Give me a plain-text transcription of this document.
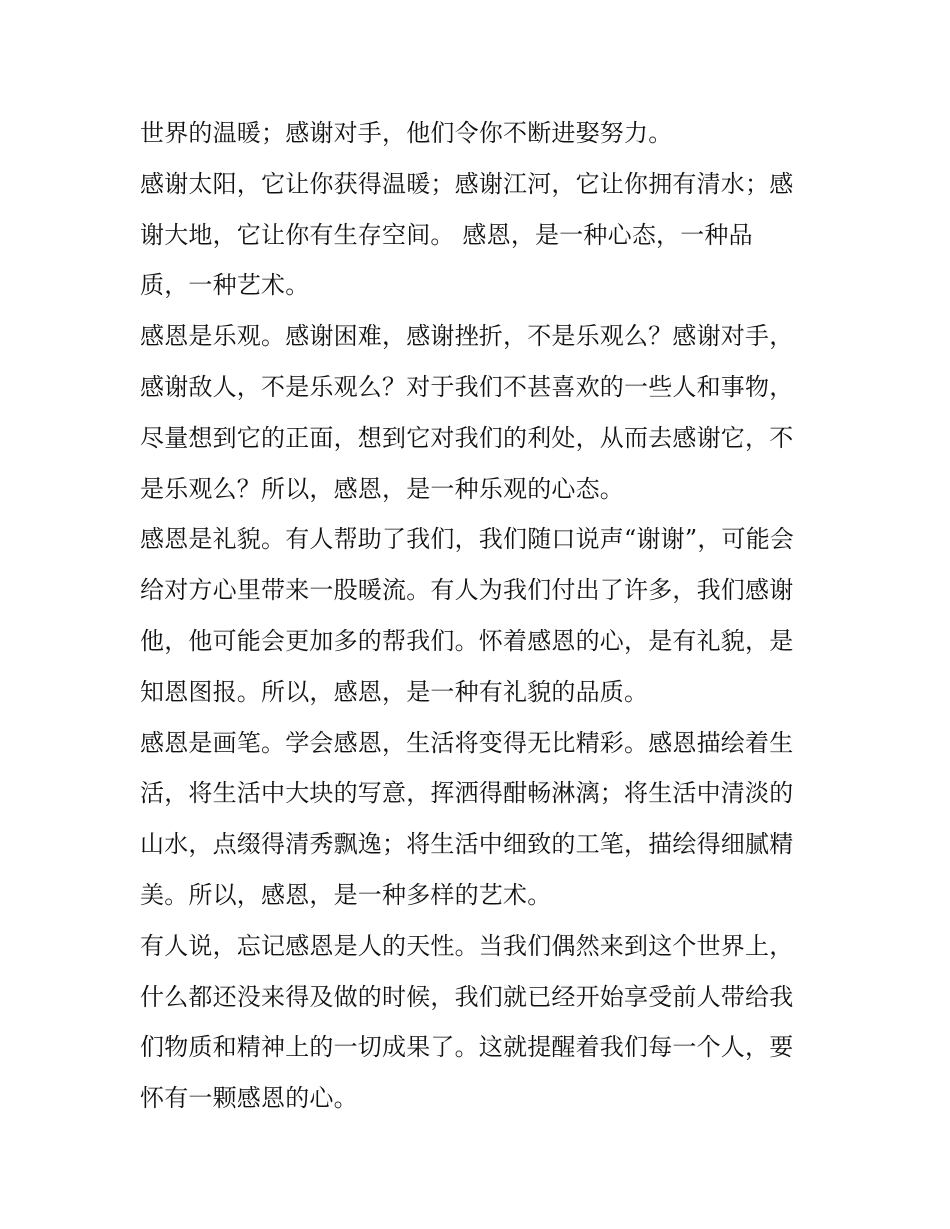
世界的温暖；感谢对手，他们令你不断进娶努力。
感谢太阳，它让你获得温暖；感谢江河，它让你拥有清水；感
谢大地，它让你有生存空间。 感恩，是一种心态，一种品
质，一种艺术。
感恩是乐观。感谢困难，感谢挫折，不是乐观么？感谢对手，
感谢敌人，不是乐观么？对于我们不甚喜欢的一些人和事物，
尽量想到它的正面，想到它对我们的利处，从而去感谢它，不
是乐观么？所以，感恩，是一种乐观的心态。
感恩是礼貌。有人帮助了我们，我们随口说声“谢谢”，可能会
给对方心里带来一股暖流。有人为我们付出了许多，我们感谢
他，他可能会更加多的帮我们。怀着感恩的心，是有礼貌，是
知恩图报。所以，感恩，是一种有礼貌的品质。
感恩是画笔。学会感恩，生活将变得无比精彩。感恩描绘着生
活，将生活中大块的写意，挥洒得酣畅淋漓；将生活中清淡的
山水，点缀得清秀飘逸；将生活中细致的工笔，描绘得细腻精
美。所以，感恩，是一种多样的艺术。
有人说，忘记感恩是人的天性。当我们偶然来到这个世界上，
什么都还没来得及做的时候，我们就已经开始享受前人带给我
们物质和精神上的一切成果了。这就提醒着我们每一个人，要
怀有一颗感恩的心。
